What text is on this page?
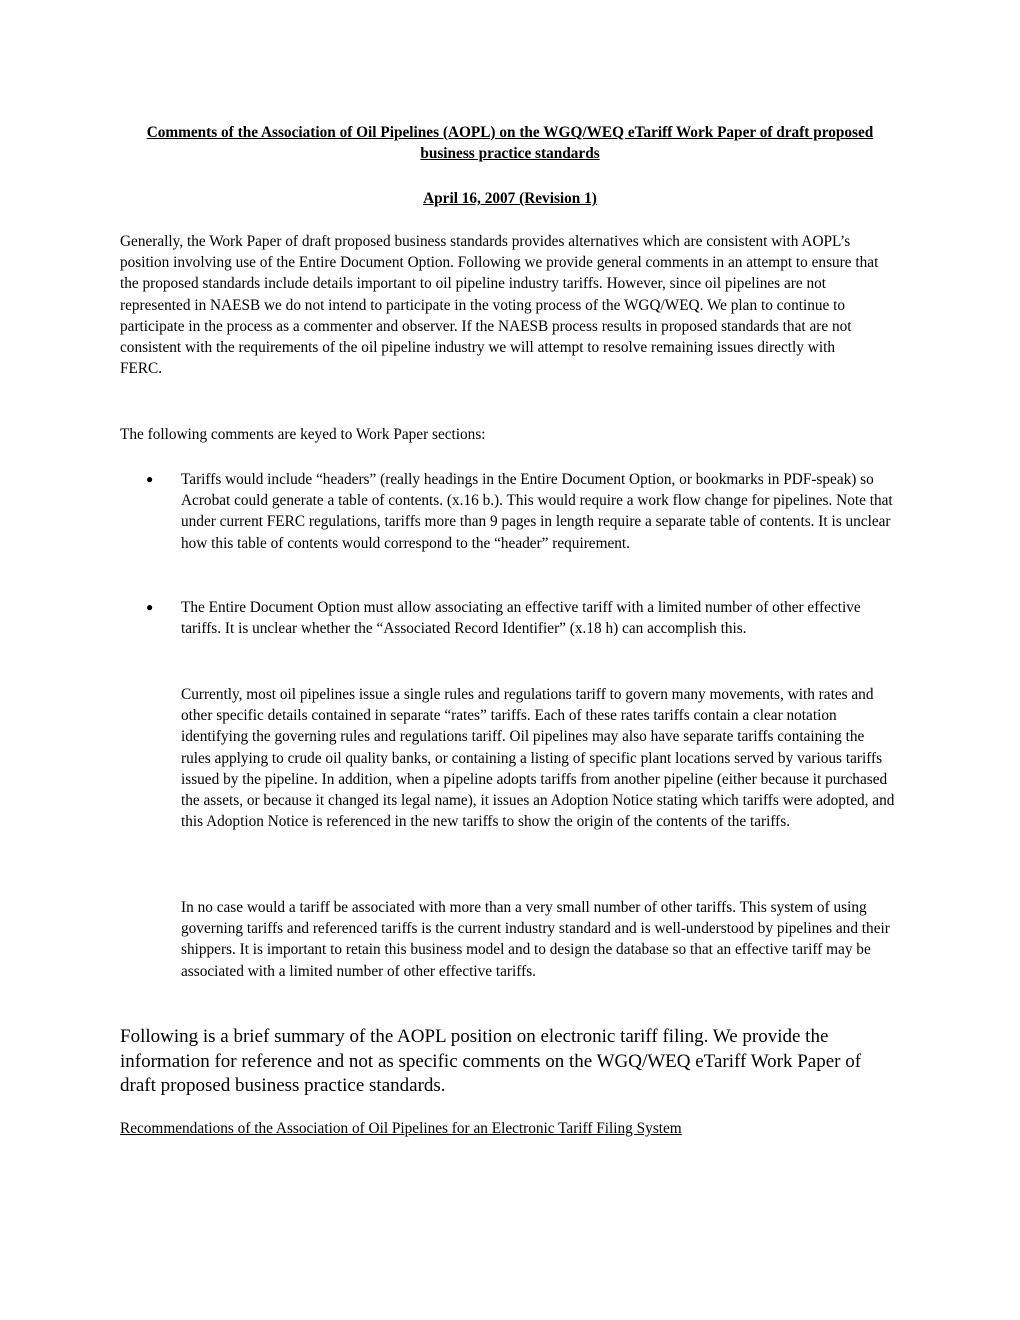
Comments of the Association of Oil Pipelines (AOPL) on the WGQ/WEQ eTariff Work Paper of draft proposed business practice standards
April 16, 2007 (Revision 1)

Generally, the Work Paper of draft proposed business standards provides alternatives which are consistent with AOPL’s position involving use of the Entire Document Option. Following we provide general comments in an attempt to ensure that the proposed standards include details important to oil pipeline industry tariffs. However, since oil pipelines are not represented in NAESB we do not intend to participate in the voting process of the WGQ/WEQ. We plan to continue to participate in the process as a commenter and observer. If the NAESB process results in proposed standards that are not consistent with the requirements of the oil pipeline industry we will attempt to resolve remaining issues directly with FERC.

The following comments are keyed to Work Paper sections:

● Tariffs would include “headers” (really headings in the Entire Document Option, or bookmarks in PDF-speak) so Acrobat could generate a table of contents. (x.16 b.). This would require a work flow change for pipelines. Note that under current FERC regulations, tariffs more than 9 pages in length require a separate table of contents. It is unclear how this table of contents would correspond to the “header” requirement.
● The Entire Document Option must allow associating an effective tariff with a limited number of other effective tariffs. It is unclear whether the “Associated Record Identifier” (x.18 h) can accomplish this.

Currently, most oil pipelines issue a single rules and regulations tariff to govern many movements, with rates and other specific details contained in separate “rates” tariffs. Each of these rates tariffs contain a clear notation identifying the governing rules and regulations tariff. Oil pipelines may also have separate tariffs containing the rules applying to crude oil quality banks, or containing a listing of specific plant locations served by various tariffs issued by the pipeline. In addition, when a pipeline adopts tariffs from another pipeline (either because it purchased the assets, or because it changed its legal name), it issues an Adoption Notice stating which tariffs were adopted, and this Adoption Notice is referenced in the new tariffs to show the origin of the contents of the tariffs.

In no case would a tariff be associated with more than a very small number of other tariffs. This system of using governing tariffs and referenced tariffs is the current industry standard and is well-understood by pipelines and their shippers. It is important to retain this business model and to design the database so that an effective tariff may be associated with a limited number of other effective tariffs.

Following is a brief summary of the AOPL position on electronic tariff filing. We provide the information for reference and not as specific comments on the WGQ/WEQ eTariff Work Paper of draft proposed business practice standards.

Recommendations of the Association of Oil Pipelines for an Electronic Tariff Filing System
